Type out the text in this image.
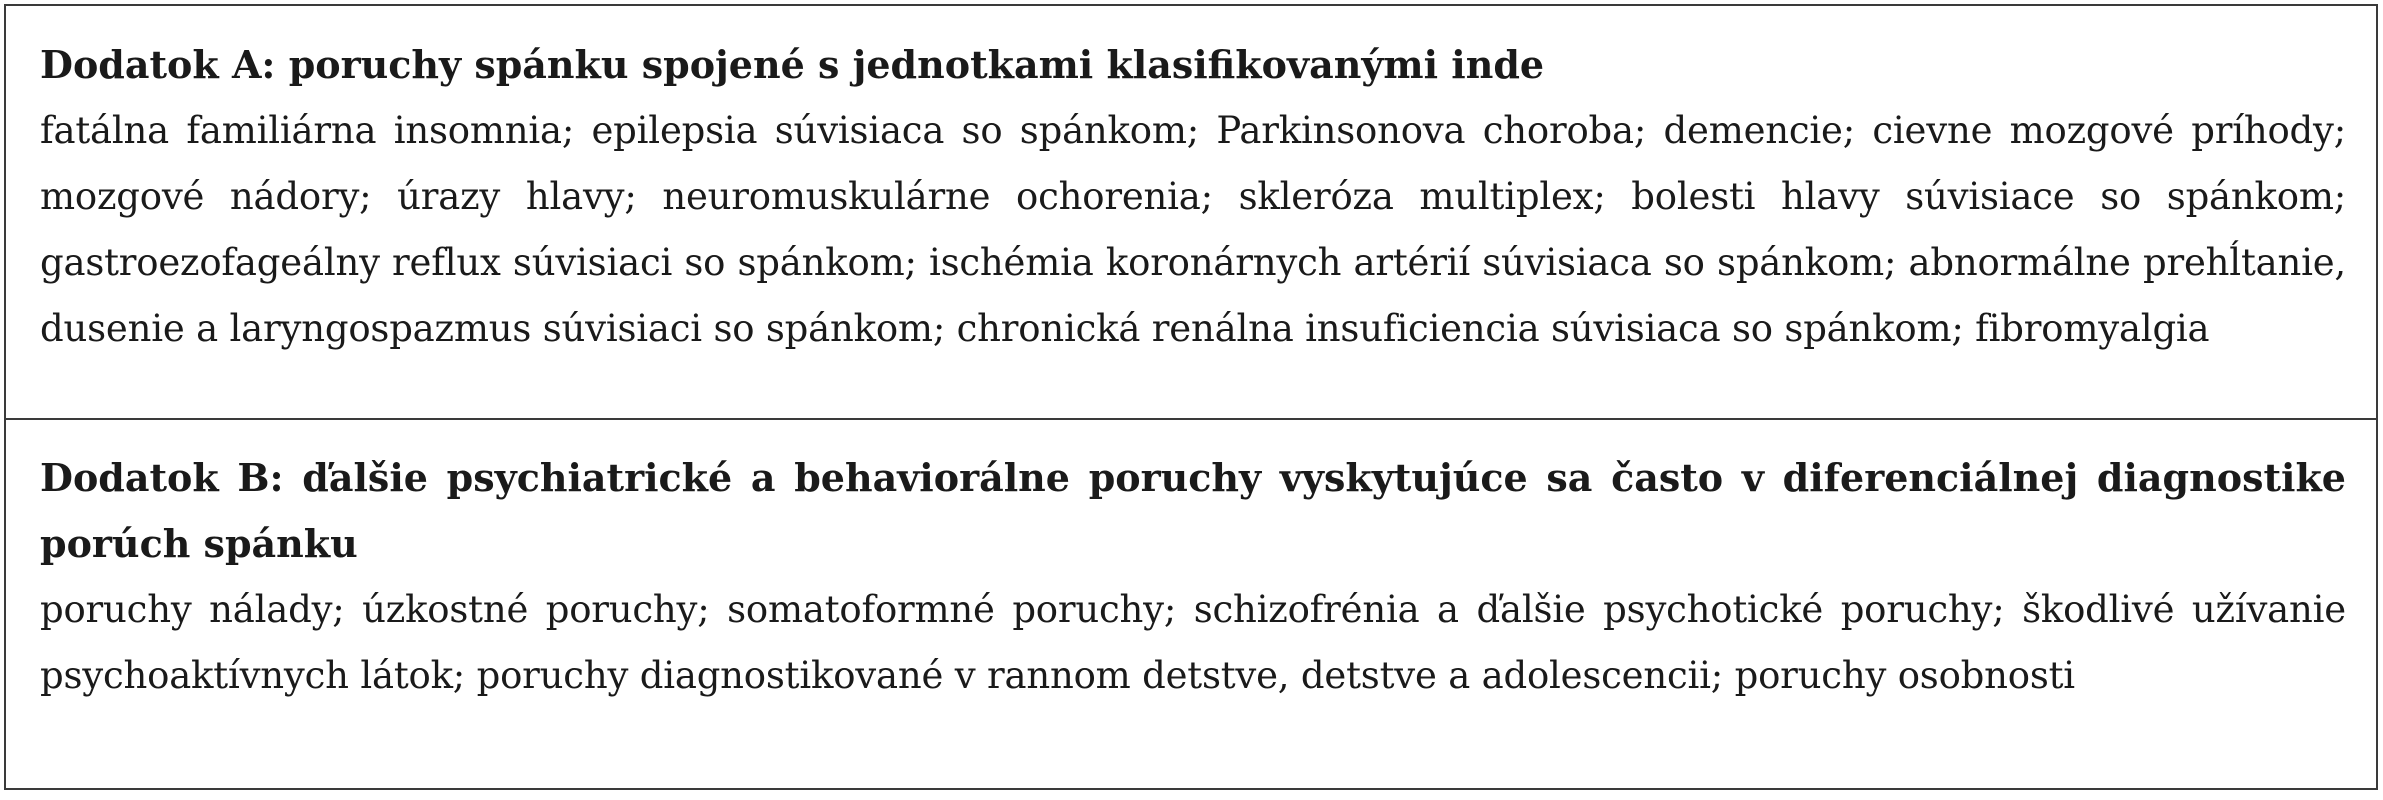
Dodatok A: poruchy spánku spojené s jednotkami klasifikovanými inde

fatálna familiárna insomnia; epilepsia súvisiaca so spánkom; Parkinsonova choroba; demencie; cievne mozgové príhody; mozgové nádory; úrazy hlavy; neuromuskulárne ochorenia; skleróza multiplex; bolesti hlavy súvisiace so spánkom; gastroezofageálny reflux súvisiaci so spánkom; ischémia koronárnych artérií súvisiaca so spánkom; abnormálne prehĺtanie, dusenie a laryngospazmus súvisiaci so spánkom; chronická renálna insuficiencia súvisiaca so spánkom; fibromyalgia

Dodatok B: ďalšie psychiatrické a behaviorálne poruchy vyskytujúce sa často v diferenciálnej diagnostike porúch spánku

poruchy nálady; úzkostné poruchy; somatoformné poruchy; schizofrénia a ďalšie psychotické poruchy; škodlivé užívanie psychoaktívnych látok; poruchy diagnostikované v rannom detstve, detstve a adolescencii; poruchy osobnosti
